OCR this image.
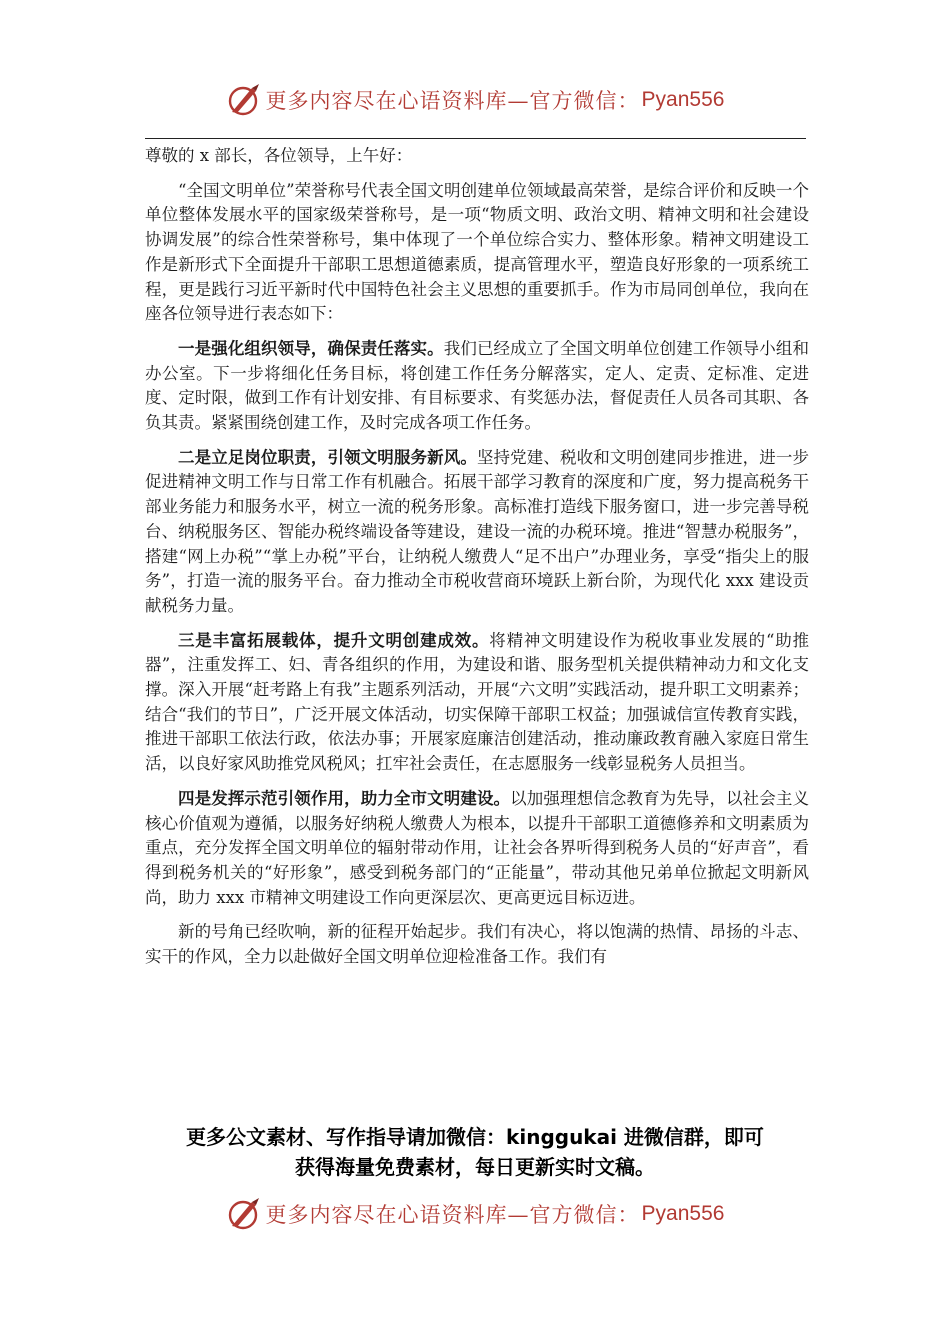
更多内容尽在心语资料库—官方微信： Pyan556

尊敬的 x 部长，各位领导，上午好：

“全国文明单位”荣誉称号代表全国文明创建单位领域最高荣誉，是综合评价和反映一个单位整体发展水平的国家级荣誉称号，是一项“物质文明、政治文明、精神文明和社会建设协调发展”的综合性荣誉称号，集中体现了一个单位综合实力、整体形象。精神文明建设工作是新形式下全面提升干部职工思想道德素质，提高管理水平，塑造良好形象的一项系统工程，更是践行习近平新时代中国特色社会主义思想的重要抓手。作为市局同创单位，我向在座各位领导进行表态如下：

一是强化组织领导，确保责任落实。我们已经成立了全国文明单位创建工作领导小组和办公室。下一步将细化任务目标，将创建工作任务分解落实，定人、定责、定标准、定进度、定时限，做到工作有计划安排、有目标要求、有奖惩办法，督促责任人员各司其职、各负其责。紧紧围绕创建工作，及时完成各项工作任务。

二是立足岗位职责，引领文明服务新风。坚持党建、税收和文明创建同步推进，进一步促进精神文明工作与日常工作有机融合。拓展干部学习教育的深度和广度，努力提高税务干部业务能力和服务水平，树立一流的税务形象。高标准打造线下服务窗口，进一步完善导税台、纳税服务区、智能办税终端设备等建设，建设一流的办税环境。推进“智慧办税服务”，搭建“网上办税”“掌上办税”平台，让纳税人缴费人“足不出户”办理业务，享受“指尖上的服务”，打造一流的服务平台。奋力推动全市税收营商环境跃上新台阶，为现代化 xxx 建设贡献税务力量。

三是丰富拓展载体，提升文明创建成效。将精神文明建设作为税收事业发展的“助推器”，注重发挥工、妇、青各组织的作用，为建设和谐、服务型机关提供精神动力和文化支撑。深入开展“赶考路上有我”主题系列活动，开展“六文明”实践活动，提升职工文明素养；结合“我们的节日”，广泛开展文体活动，切实保障干部职工权益；加强诚信宣传教育实践，推进干部职工依法行政，依法办事；开展家庭廉洁创建活动，推动廉政教育融入家庭日常生活，以良好家风助推党风税风；扛牢社会责任，在志愿服务一线彰显税务人员担当。

四是发挥示范引领作用，助力全市文明建设。以加强理想信念教育为先导，以社会主义核心价值观为遵循，以服务好纳税人缴费人为根本，以提升干部职工道德修养和文明素质为重点，充分发挥全国文明单位的辐射带动作用，让社会各界听得到税务人员的“好声音”，看得到税务机关的“好形象”，感受到税务部门的“正能量”，带动其他兄弟单位掀起文明新风尚，助力 xxx 市精神文明建设工作向更深层次、更高更远目标迈进。

新的号角已经吹响，新的征程开始起步。我们有决心，将以饱满的热情、昂扬的斗志、实干的作风，全力以赴做好全国文明单位迎检准备工作。我们有

更多公文素材、写作指导请加微信：kinggukai 进微信群，即可
获得海量免费素材，每日更新实时文稿。
更多内容尽在心语资料库—官方微信： Pyan556
